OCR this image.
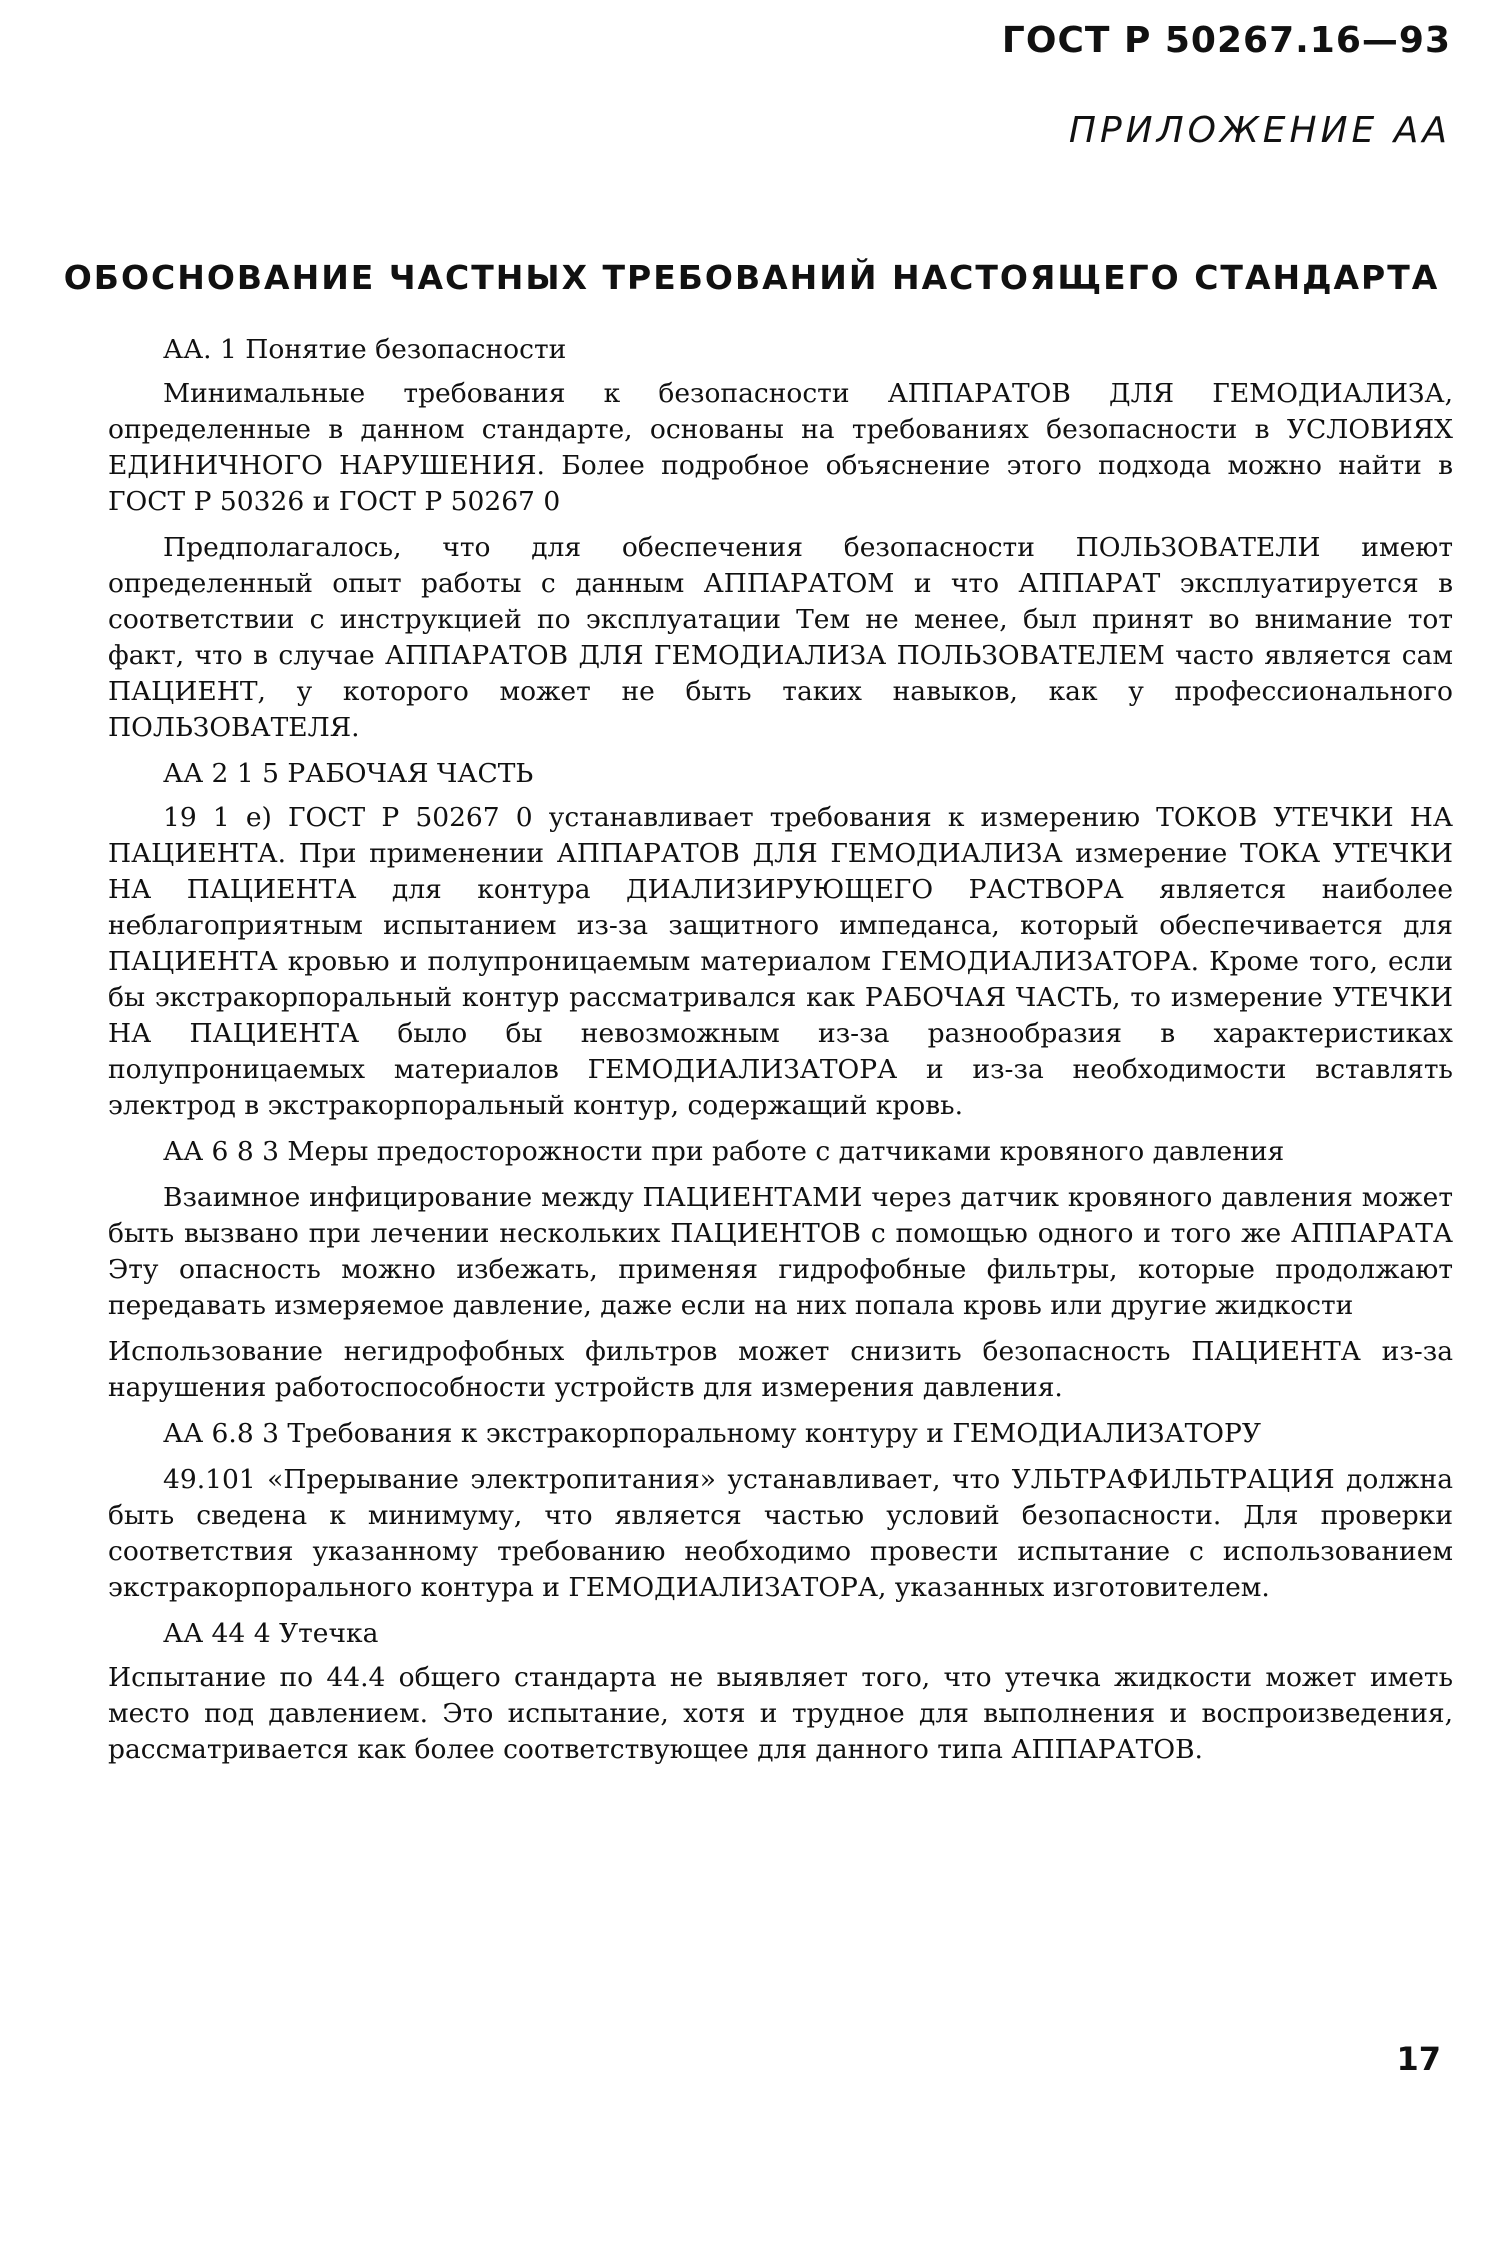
ГОСТ Р 50267.16—93
ПРИЛОЖЕНИЕ АА
ОБОСНОВАНИЕ ЧАСТНЫХ ТРЕБОВАНИЙ НАСТОЯЩЕГО СТАНДАРТА

АА. 1 Понятие безопасности

Минимальные требования к безопасности АППАРАТОВ ДЛЯ ГЕМОДИАЛИЗА, определенные в данном стандарте, основаны на требованиях безопасности в УСЛОВИЯХ ЕДИНИЧНОГО НАРУШЕНИЯ. Более подробное объяснение этого подхода можно найти в ГОСТ Р 50326 и ГОСТ Р 50267 0

Предполагалось, что для обеспечения безопасности ПОЛЬЗОВАТЕЛИ имеют определенный опыт работы с данным АППАРАТОМ и что АППАРАТ эксплуатируется в соответствии с инструкцией по эксплуатации Тем не менее, был принят во внимание тот факт, что в случае АППАРАТОВ ДЛЯ ГЕМОДИАЛИЗА ПОЛЬЗОВАТЕЛЕМ часто является сам ПАЦИЕНТ, у которого может не быть таких навыков, как у профессионального ПОЛЬЗОВАТЕЛЯ.

АА 2 1 5 РАБОЧАЯ ЧАСТЬ

19 1 е) ГОСТ Р 50267 0 устанавливает требования к измерению ТОКОВ УТЕЧКИ НА ПАЦИЕНТА. При применении АППАРАТОВ ДЛЯ ГЕМОДИАЛИЗА измерение ТОКА УТЕЧКИ НА ПАЦИЕНТА для контура ДИАЛИЗИРУЮЩЕГО РАСТВОРА является наиболее неблагоприятным испытанием из-за защитного импеданса, который обеспечивается для ПАЦИЕНТА кровью и полупроницаемым материалом ГЕМОДИАЛИЗАТОРА. Кроме того, если бы экстракорпоральный контур рассматривался как РАБОЧАЯ ЧАСТЬ, то измерение УТЕЧКИ НА ПАЦИЕНТА было бы невозможным из-за разнообразия в характеристиках полупроницаемых материалов ГЕМОДИАЛИЗАТОРА и из-за необходимости вставлять электрод в экстракорпоральный контур, содержащий кровь.

АА 6 8 3 Меры предосторожности при работе с датчиками кровяного давления

Взаимное инфицирование между ПАЦИЕНТАМИ через датчик кровяного давления может быть вызвано при лечении нескольких ПАЦИЕНТОВ с помощью одного и того же АППАРАТА Эту опасность можно избежать, применяя гидрофобные фильтры, которые продолжают передавать измеряемое давление, даже если на них попала кровь или другие жидкости

Использование негидрофобных фильтров может снизить безопасность ПАЦИЕНТА из-за нарушения работоспособности устройств для измерения давления.

АА 6.8 3 Требования к экстракорпоральному контуру и ГЕМОДИАЛИЗАТОРУ

49.101 «Прерывание электропитания» устанавливает, что УЛЬТРАФИЛЬТРАЦИЯ должна быть сведена к минимуму, что является частью условий безопасности. Для проверки соответствия указанному требованию необходимо провести испытание с использованием экстракорпорального контура и ГЕМОДИАЛИЗАТОРА, указанных изготовителем.

АА 44 4 Утечка

Испытание по 44.4 общего стандарта не выявляет того, что утечка жидкости может иметь место под давлением. Это испытание, хотя и трудное для выполнения и воспроизведения, рассматривается как более соответствующее для данного типа АППАРАТОВ.

17
